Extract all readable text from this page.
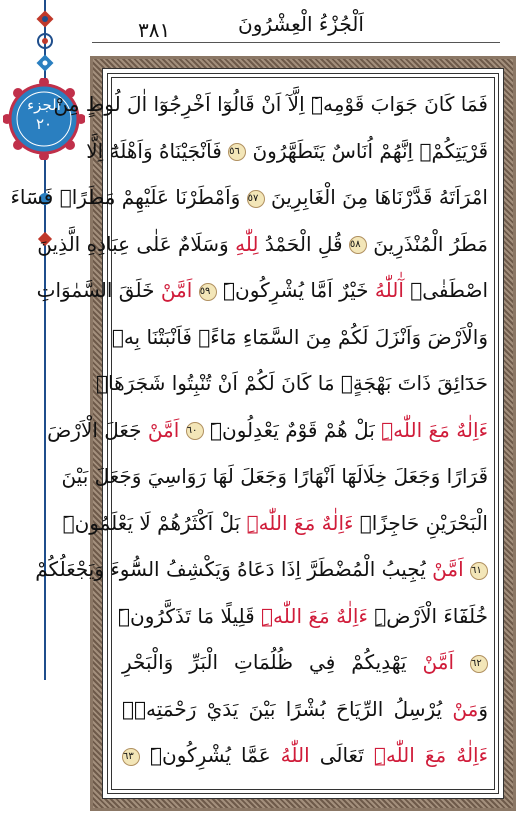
الجزء
٢٠
٣٨١	اَلْجُزْءُ الْعِشْرُونَ
فَمَا كَانَ جَوَابَ قَوْمِهٖٓ اِلَّآ اَنْ قَالُوٓا اَخْرِجُوٓا اٰلَ لُوطٍ مِنْ
قَرْيَتِكُمْۚ اِنَّهُمْ اُنَاسٌ يَتَطَهَّرُونَ ٥٦ فَاَنْجَيْنَاهُ وَاَهْلَهُٓ اِلَّا
امْرَاَتَهُ قَدَّرْنَاهَا مِنَ الْغَابِرِينَ ٥٧ وَاَمْطَرْنَا عَلَيْهِمْ مَطَرًاۚ فَسَٓاءَ
مَطَرُ الْمُنْذَرِينَ ٥٨ قُلِ الْحَمْدُ لِلّٰهِ وَسَلَامٌ عَلٰى عِبَادِهِ الَّذِينَ
اصْطَفٰىۜ آٰللّٰهُ خَيْرٌ اَمَّا يُشْرِكُونَۜ ٥٩ اَمَّنْ خَلَقَ السَّمٰوَاتِ
وَالْاَرْضَ وَاَنْزَلَ لَكُمْ مِنَ السَّمَٓاءِ مَٓاءًۚ فَاَنْبَتْنَا بِهٖ
حَدَٓائِقَ ذَاتَ بَهْجَةٍۚ مَا كَانَ لَكُمْ اَنْ تُنْبِتُوا شَجَرَهَاۜ
ءَاِلٰهٌ مَعَ اللّٰهِۜ بَلْ هُمْ قَوْمٌ يَعْدِلُونَۜ ٦٠ اَمَّنْ جَعَلَ الْاَرْضَ
قَرَارًا وَجَعَلَ خِلَالَهَٓا اَنْهَارًا وَجَعَلَ لَهَا رَوَاسِيَ وَجَعَلَ بَيْنَ
الْبَحْرَيْنِ حَاجِزًاۜ ءَاِلٰهٌ مَعَ اللّٰهِۜ بَلْ اَكْثَرُهُمْ لَا يَعْلَمُونَۜ
٦١ اَمَّنْ يُجِيبُ الْمُضْطَرَّ اِذَا دَعَاهُ وَيَكْشِفُ السُّٓوءَ وَيَجْعَلُكُمْ
خُلَفَٓاءَ الْاَرْضِۜ ءَاِلٰهٌ مَعَ اللّٰهِۜ قَلِيلًا مَا تَذَكَّرُونَۜ
٦٢ اَمَّنْ يَهْدِيكُمْ فِي ظُلُمَاتِ الْبَرِّ وَالْبَحْرِ
وَمَنْ يُرْسِلُ الرِّيَاحَ بُشْرًا بَيْنَ يَدَيْ رَحْمَتِهٖۜ
ءَاِلٰهٌ مَعَ اللّٰهِۜ تَعَالَى اللّٰهُ عَمَّا يُشْرِكُونَۜ ٦٣
